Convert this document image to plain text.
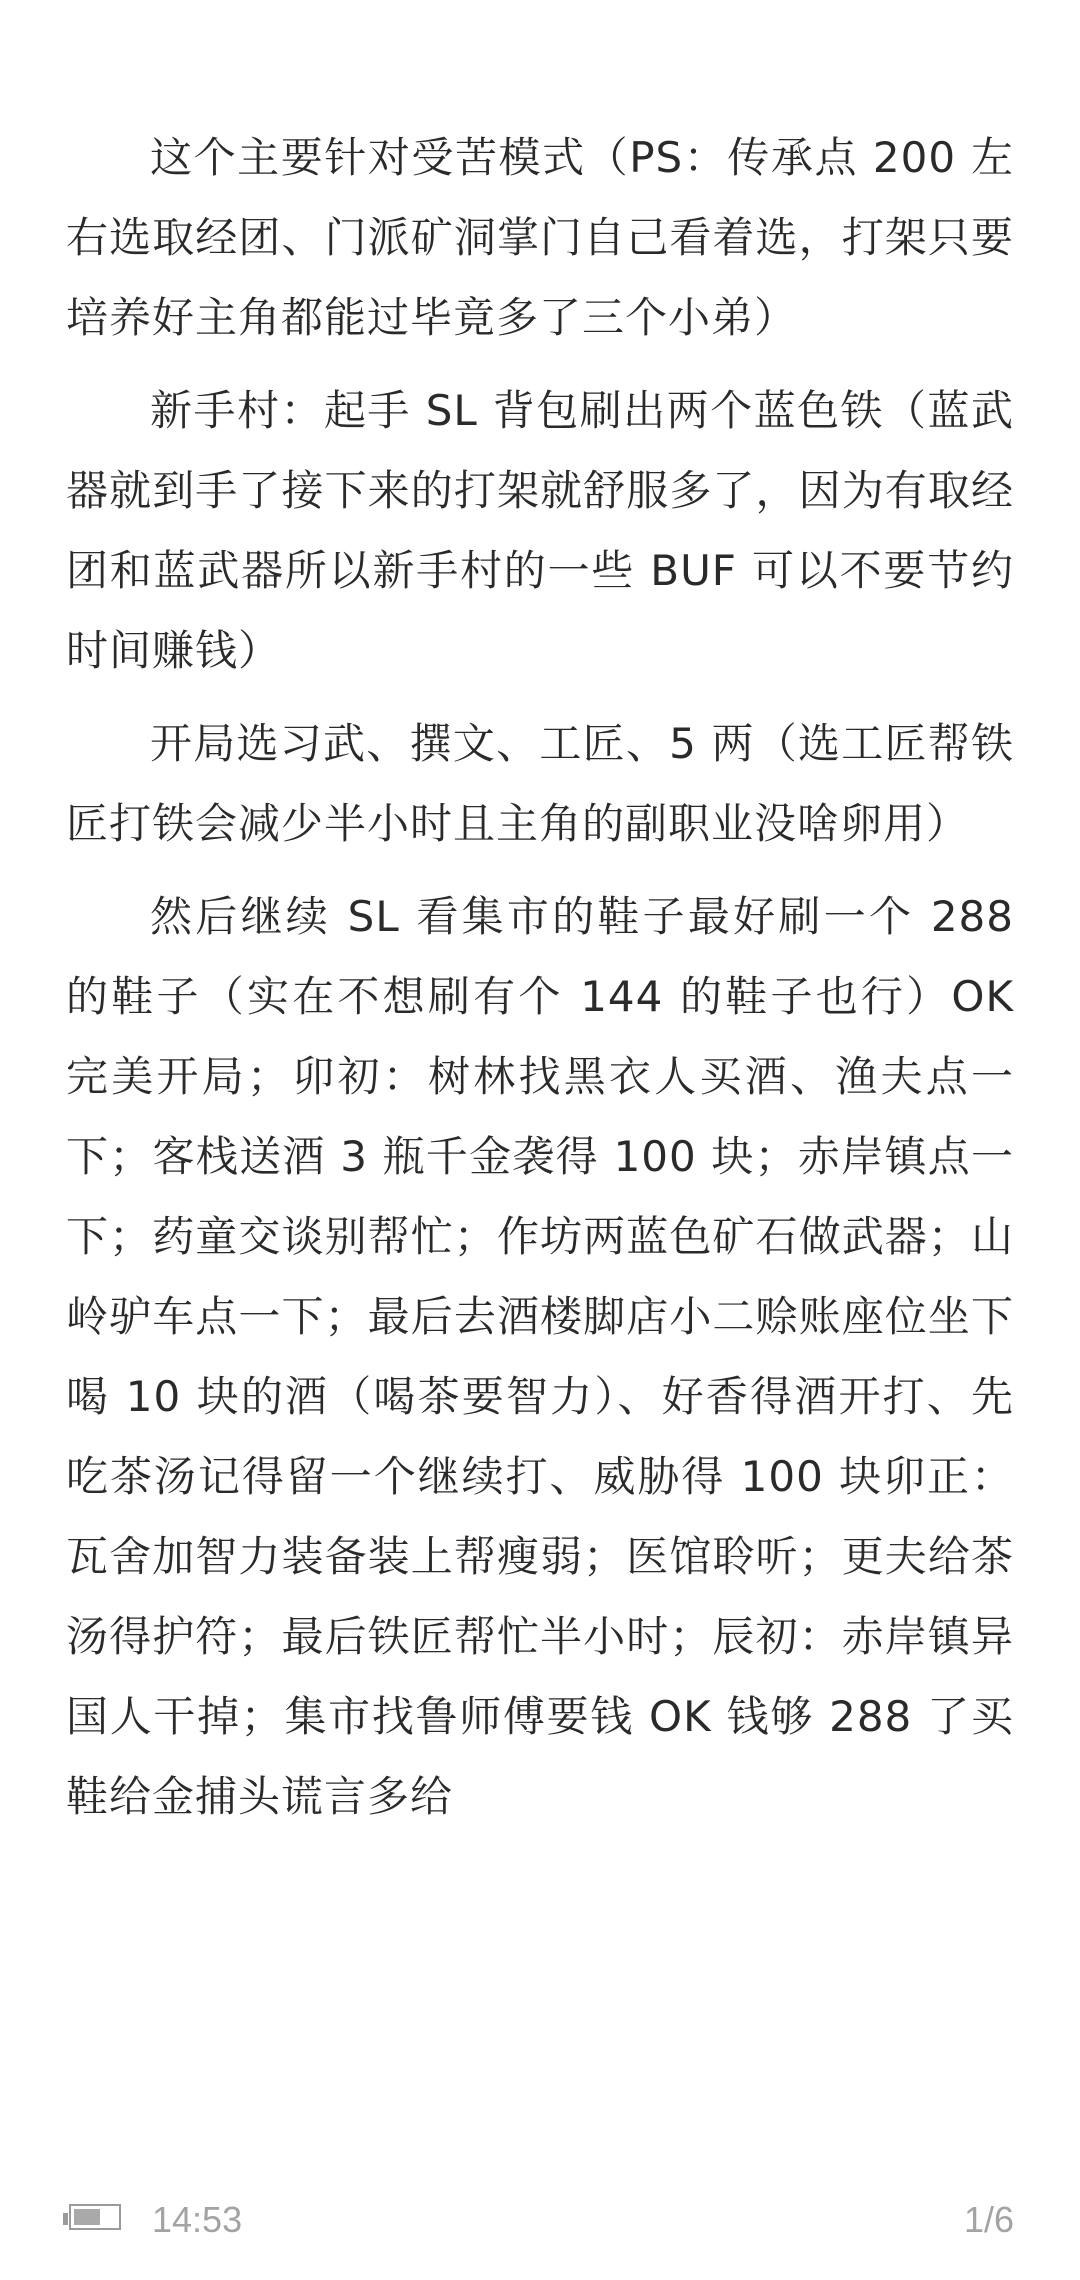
这个主要针对受苦模式（PS：传承点 200 左右选取经团、门派矿洞掌门自己看着选，打架只要培养好主角都能过毕竟多了三个小弟）

新手村：起手 SL 背包刷出两个蓝色铁（蓝武器就到手了接下来的打架就舒服多了，因为有取经团和蓝武器所以新手村的一些 BUF 可以不要节约时间赚钱）

开局选习武、撰文、工匠、5 两（选工匠帮铁匠打铁会减少半小时且主角的副职业没啥卵用）

然后继续 SL 看集市的鞋子最好刷一个 288 的鞋子（实在不想刷有个 144 的鞋子也行）OK 完美开局；卯初：树林找黑衣人买酒、渔夫点一下；客栈送酒 3 瓶千金袭得 100 块；赤岸镇点一下；药童交谈别帮忙；作坊两蓝色矿石做武器；山岭驴车点一下；最后去酒楼脚店小二赊账座位坐下喝 10 块的酒（喝茶要智力）、好香得酒开打、先吃茶汤记得留一个继续打、威胁得 100 块卯正：瓦舍加智力装备装上帮瘦弱；医馆聆听；更夫给茶汤得护符；最后铁匠帮忙半小时；辰初：赤岸镇异国人干掉；集市找鲁师傅要钱 OK 钱够 288 了买鞋给金捕头谎言多给

14:53	1/6
